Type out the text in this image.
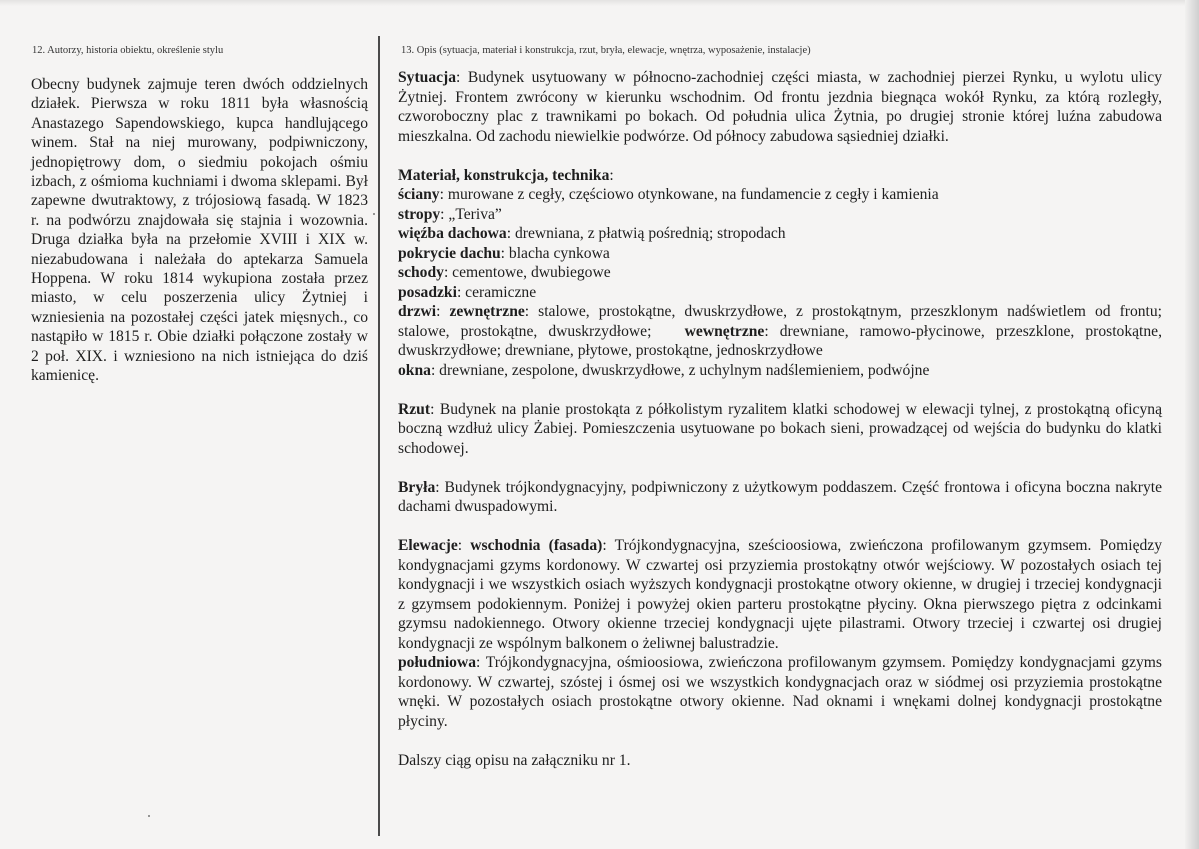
12. Autorzy, historia obiektu, określenie stylu	13. Opis (sytuacja, materiał i konstrukcja, rzut, bryła, elewacje, wnętrza, wyposażenie, instalacje)

Obecny budynek zajmuje teren dwóch oddzielnych działek. Pierwsza w roku 1811 była własnością Anastazego Sapendowskiego, kupca handlującego winem. Stał na niej murowany, podpiwniczony, jednopiętrowy dom, o siedmiu pokojach ośmiu izbach, z ośmioma kuchniami i dwoma sklepami. Był zapewne dwutraktowy, z trójosiową fasadą. W 1823 r. na podwórzu znajdowała się stajnia i wozownia. Druga działka była na przełomie XVIII i XIX w. niezabudowana i należała do aptekarza Samuela Hoppena. W roku 1814 wykupiona została przez miasto, w celu poszerzenia ulicy Żytniej i wzniesienia na pozostałej części jatek mięsnych., co nastąpiło w 1815 r. Obie działki połączone zostały w 2 poł. XIX. i wzniesiono na nich istniejąca do dziś kamienicę.

Sytuacja: Budynek usytuowany w północno-zachodniej części miasta, w zachodniej pierzei Rynku, u wylotu ulicy Żytniej. Frontem zwrócony w kierunku wschodnim. Od frontu jezdnia biegnąca wokół Rynku, za którą rozległy, czworoboczny plac z trawnikami po bokach. Od południa ulica Żytnia, po drugiej stronie której luźna zabudowa mieszkalna. Od zachodu niewielkie podwórze. Od północy zabudowa sąsiedniej działki.

Materiał, konstrukcja, technika:

ściany: murowane z cegły, częściowo otynkowane, na fundamencie z cegły i kamienia

stropy: „Teriva”

więźba dachowa: drewniana, z płatwią pośrednią; stropodach

pokrycie dachu: blacha cynkowa

schody: cementowe, dwubiegowe

posadzki: ceramiczne

drzwi: zewnętrzne: stalowe, prostokątne, dwuskrzydłowe, z prostokątnym, przeszklonym nadświetlem od frontu; stalowe, prostokątne, dwuskrzydłowe; wewnętrzne: drewniane, ramowo-płycinowe, przeszklone, prostokątne, dwuskrzydłowe; drewniane, płytowe, prostokątne, jednoskrzydłowe

okna: drewniane, zespolone, dwuskrzydłowe, z uchylnym nadślemieniem, podwójne

Rzut: Budynek na planie prostokąta z półkolistym ryzalitem klatki schodowej w elewacji tylnej, z prostokątną oficyną boczną wzdłuż ulicy Żabiej. Pomieszczenia usytuowane po bokach sieni, prowadzącej od wejścia do budynku do klatki schodowej.

Bryła: Budynek trójkondygnacyjny, podpiwniczony z użytkowym poddaszem. Część frontowa i oficyna boczna nakryte dachami dwuspadowymi.

Elewacje: wschodnia (fasada): Trójkondygnacyjna, sześcioosiowa, zwieńczona profilowanym gzymsem. Pomiędzy kondygnacjami gzyms kordonowy. W czwartej osi przyziemia prostokątny otwór wejściowy. W pozostałych osiach tej kondygnacji i we wszystkich osiach wyższych kondygnacji prostokątne otwory okienne, w drugiej i trzeciej kondygnacji z gzymsem podokiennym. Poniżej i powyżej okien parteru prostokątne płyciny. Okna pierwszego piętra z odcinkami gzymsu nadokiennego. Otwory okienne trzeciej kondygnacji ujęte pilastrami. Otwory trzeciej i czwartej osi drugiej kondygnacji ze wspólnym balkonem o żeliwnej balustradzie.

południowa: Trójkondygnacyjna, ośmioosiowa, zwieńczona profilowanym gzymsem. Pomiędzy kondygnacjami gzyms kordonowy. W czwartej, szóstej i ósmej osi we wszystkich kondygnacjach oraz w siódmej osi przyziemia prostokątne wnęki. W pozostałych osiach prostokątne otwory okienne. Nad oknami i wnękami dolnej kondygnacji prostokątne płyciny.

Dalszy ciąg opisu na załączniku nr 1.
